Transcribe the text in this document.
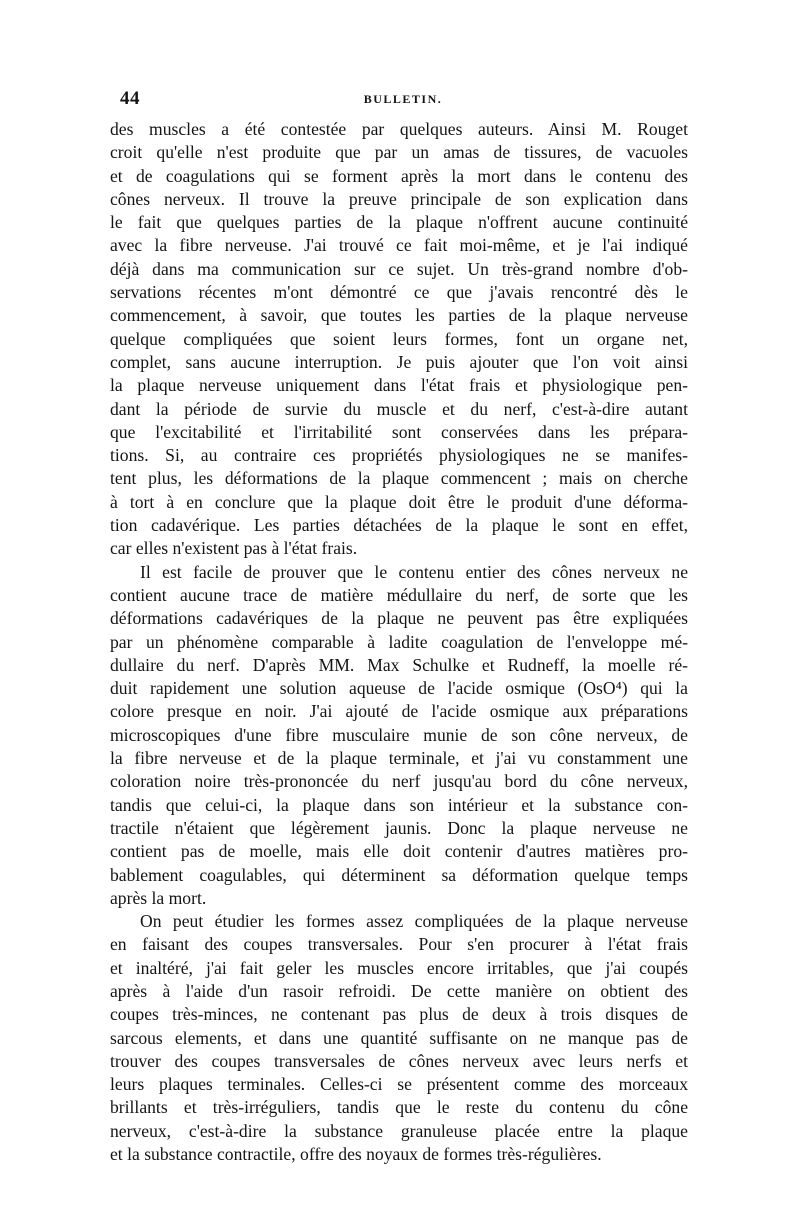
44	BULLETIN.

des muscles a été contestée par quelques auteurs. Ainsi M. Rouget
croit qu'elle n'est produite que par un amas de tissures, de vacuoles
et de coagulations qui se forment après la mort dans le contenu des
cônes nerveux. Il trouve la preuve principale de son explication dans
le fait que quelques parties de la plaque n'offrent aucune continuité
avec la fibre nerveuse. J'ai trouvé ce fait moi-même, et je l'ai indiqué
déjà dans ma communication sur ce sujet. Un très-grand nombre d'ob-
servations récentes m'ont démontré ce que j'avais rencontré dès le
commencement, à savoir, que toutes les parties de la plaque nerveuse
quelque compliquées que soient leurs formes, font un organe net,
complet, sans aucune interruption. Je puis ajouter que l'on voit ainsi
la plaque nerveuse uniquement dans l'état frais et physiologique pen-
dant la période de survie du muscle et du nerf, c'est-à-dire autant
que l'excitabilité et l'irritabilité sont conservées dans les prépara-
tions. Si, au contraire ces propriétés physiologiques ne se manifes-
tent plus, les déformations de la plaque commencent ; mais on cherche
à tort à en conclure que la plaque doit être le produit d'une déforma-
tion cadavérique. Les parties détachées de la plaque le sont en effet,
car elles n'existent pas à l'état frais.

Il est facile de prouver que le contenu entier des cônes nerveux ne
contient aucune trace de matière médullaire du nerf, de sorte que les
déformations cadavériques de la plaque ne peuvent pas être expliquées
par un phénomène comparable à ladite coagulation de l'enveloppe mé-
dullaire du nerf. D'après MM. Max Schulke et Rudneff, la moelle ré-
duit rapidement une solution aqueuse de l'acide osmique (OsO⁴) qui la
colore presque en noir. J'ai ajouté de l'acide osmique aux préparations
microscopiques d'une fibre musculaire munie de son cône nerveux, de
la fibre nerveuse et de la plaque terminale, et j'ai vu constamment une
coloration noire très-prononcée du nerf jusqu'au bord du cône nerveux,
tandis que celui-ci, la plaque dans son intérieur et la substance con-
tractile n'étaient que légèrement jaunis. Donc la plaque nerveuse ne
contient pas de moelle, mais elle doit contenir d'autres matières pro-
bablement coagulables, qui déterminent sa déformation quelque temps
après la mort.

On peut étudier les formes assez compliquées de la plaque nerveuse
en faisant des coupes transversales. Pour s'en procurer à l'état frais
et inaltéré, j'ai fait geler les muscles encore irritables, que j'ai coupés
après à l'aide d'un rasoir refroidi. De cette manière on obtient des
coupes très-minces, ne contenant pas plus de deux à trois disques de
sarcous elements, et dans une quantité suffisante on ne manque pas de
trouver des coupes transversales de cônes nerveux avec leurs nerfs et
leurs plaques terminales. Celles-ci se présentent comme des morceaux
brillants et très-irréguliers, tandis que le reste du contenu du cône
nerveux, c'est-à-dire la substance granuleuse placée entre la plaque
et la substance contractile, offre des noyaux de formes très-régulières.
